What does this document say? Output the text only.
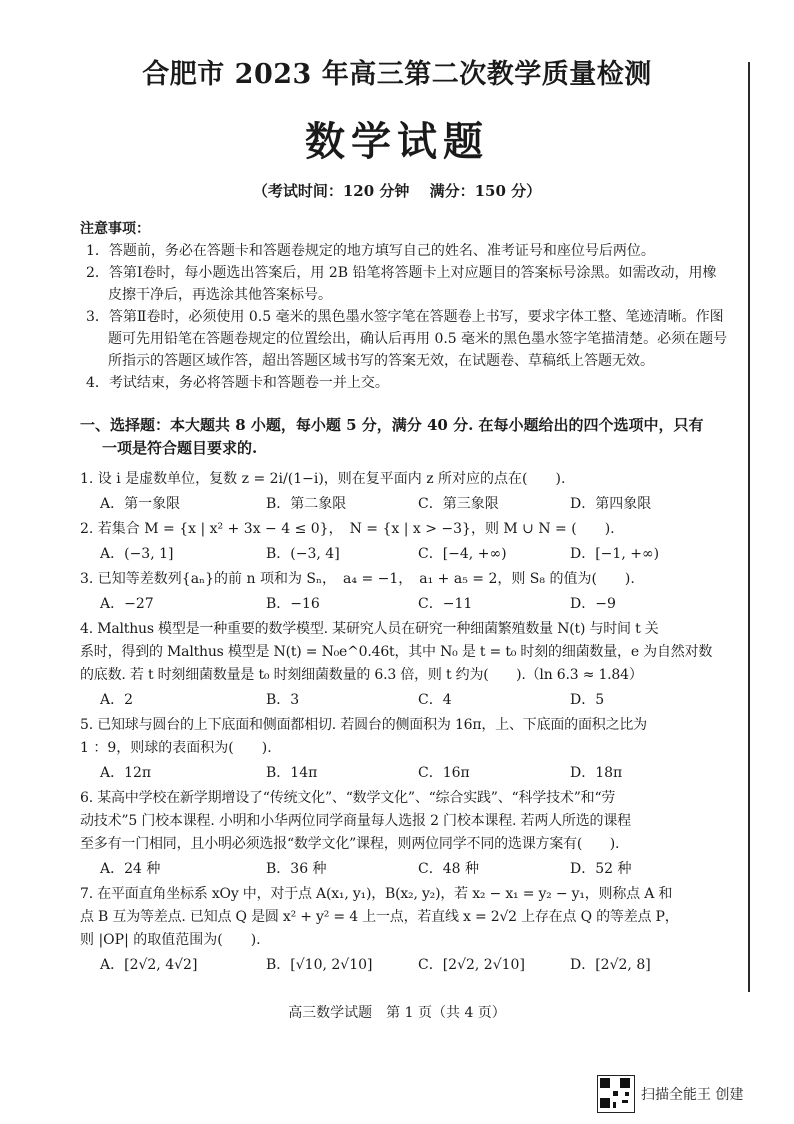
合肥市 2023 年高三第二次教学质量检测
数学试题
（考试时间：120 分钟　 满分：150 分）
注意事项：
1．答题前，务必在答题卡和答题卷规定的地方填写自己的姓名、准考证号和座位号后两位。
2．答第Ⅰ卷时，每小题选出答案后，用 2B 铅笔将答题卡上对应题目的答案标号涂黑。如需改动，用橡皮擦干净后，再选涂其他答案标号。
3．答第Ⅱ卷时，必须使用 0.5 毫米的黑色墨水签字笔在答题卷上书写，要求字体工整、笔迹清晰。作图题可先用铅笔在答题卷规定的位置绘出，确认后再用 0.5 毫米的黑色墨水签字笔描清楚。必须在题号所指示的答题区域作答，超出答题区域书写的答案无效，在试题卷、草稿纸上答题无效。
4．考试结束，务必将答题卡和答题卷一并上交。
一、选择题：本大题共 8 小题，每小题 5 分，满分 40 分. 在每小题给出的四个选项中，只有
一项是符合题目要求的.

1. 设 i 是虚数单位，复数 z = 2i/(1−i)，则在复平面内 z 所对应的点在(　　).

A．第一象限	B．第二象限	C．第三象限	D．第四象限

2. 若集合 M = {x | x² + 3x − 4 ≤ 0}，　N = {x | x > −3}，则 M ∪ N = (　　).

A．(−3, 1]	B．(−3, 4]	C．[−4, +∞)	D．[−1, +∞)

3. 已知等差数列{aₙ}的前 n 项和为 Sₙ，　a₄ = −1，　a₁ + a₅ = 2，则 S₈ 的值为(　　).

A．−27	B．−16	C．−11	D．−9

4. Malthus 模型是一种重要的数学模型. 某研究人员在研究一种细菌繁殖数量 N(t) 与时间 t 关

系时，得到的 Malthus 模型是 N(t) = N₀e^0.46t，其中 N₀ 是 t = t₀ 时刻的细菌数量，e 为自然对数

的底数. 若 t 时刻细菌数量是 t₀ 时刻细菌数量的 6.3 倍，则 t 约为(　　).（ln 6.3 ≈ 1.84）

A．2	B．3	C．4	D．5

5. 已知球与圆台的上下底面和侧面都相切. 若圆台的侧面积为 16π，上、下底面的面积之比为

1 ：9，则球的表面积为(　　).

A．12π	B．14π	C．16π	D．18π

6. 某高中学校在新学期增设了“传统文化”、“数学文化”、“综合实践”、“科学技术”和“劳

动技术”5 门校本课程. 小明和小华两位同学商量每人选报 2 门校本课程. 若两人所选的课程

至多有一门相同，且小明必须选报“数学文化”课程，则两位同学不同的选课方案有(　　).

A．24 种	B．36 种	C．48 种	D．52 种

7. 在平面直角坐标系 xOy 中，对于点 A(x₁, y₁)，B(x₂, y₂)，若 x₂ − x₁ = y₂ − y₁，则称点 A 和

点 B 互为等差点. 已知点 Q 是圆 x² + y² = 4 上一点，若直线 x = 2√2 上存在点 Q 的等差点 P，

则 |OP| 的取值范围为(　　).

A．[2√2, 4√2]	B．[√10, 2√10]	C．[2√2, 2√10]	D．[2√2, 8]
高三数学试题　第 1 页（共 4 页）
扫描全能王 创建
